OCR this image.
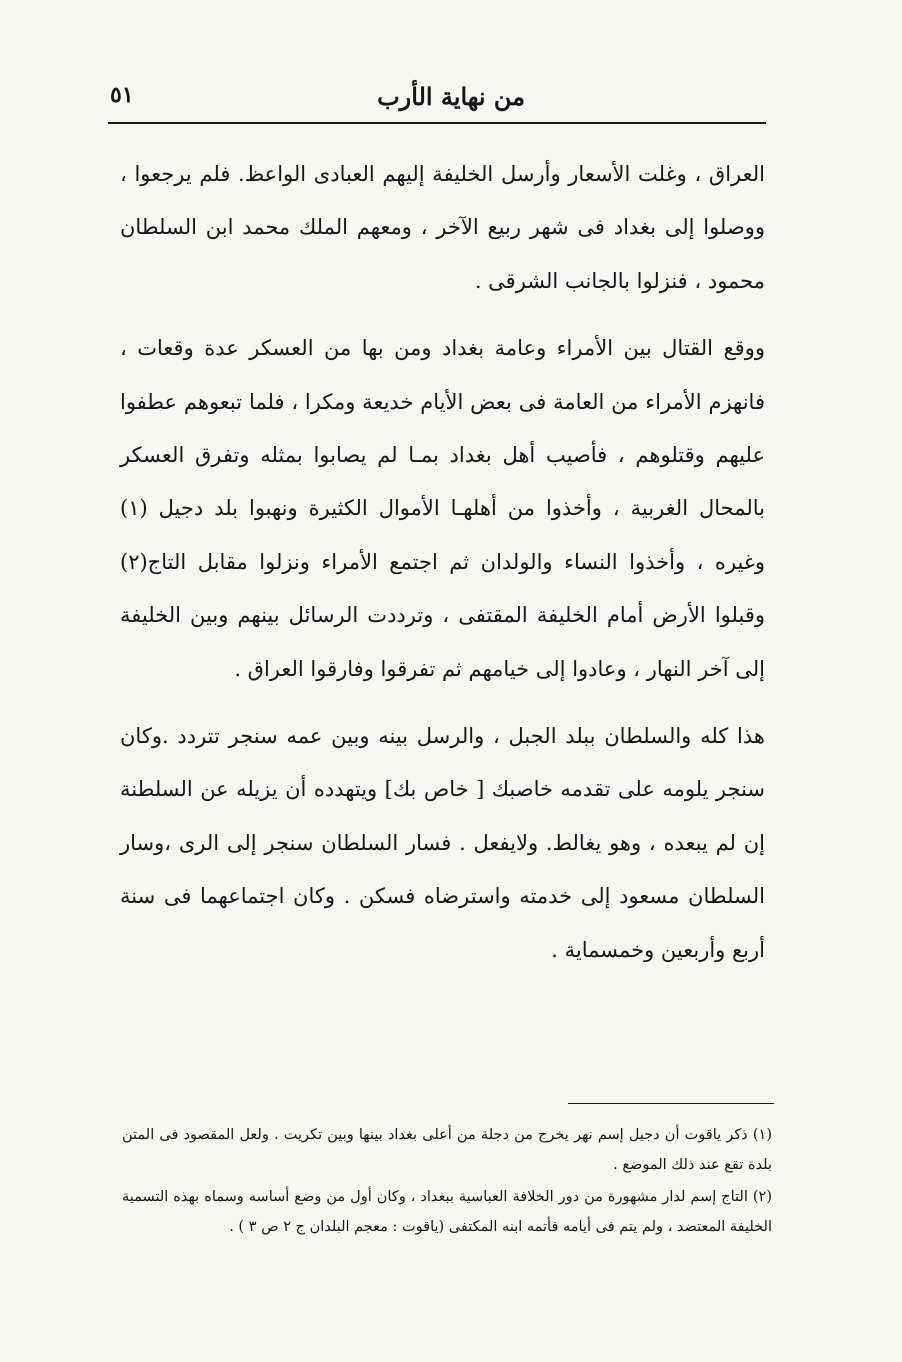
من نهاية الأرب
٥١

العراق ، وغلت الأسعار وأرسل الخليفة إليهم العبادى الواعظ. فلم يرجعوا ، ووصلوا إلى بغداد فى شهر ربيع الآخر ، ومعهم الملك محمد ابن السلطان محمود ، فنزلوا بالجانب الشرقى .

ووقع القتال بين الأمراء وعامة بغداد ومن بها من العسكر عدة وقعات ، فانهزم الأمراء من العامة فى بعض الأيام خديعة ومكرا ، فلما تبعوهم عطفوا عليهم وقتلوهم ، فأصيب أهل بغداد بمـا لم يصابوا بمثله وتفرق العسكر بالمحال الغربية ، وأخذوا من أهلهـا الأموال الكثيرة ونهبوا بلد دجيل (١) وغيره ، وأخذوا النساء والولدان ثم اجتمع الأمراء ونزلوا مقابل التاج(٢) وقبلوا الأرض أمام الخليفة المقتفى ، وترددت الرسائل بينهم وبين الخليفة إلى آخر النهار ، وعادوا إلى خيامهم ثم تفرقوا وفارقوا العراق .

هذا كله والسلطان ببلد الجبل ، والرسل بينه وبين عمه سنجر تتردد .وكان سنجر يلومه على تقدمه خاصبك [ خاص بك] ويتهدده أن يزيله عن السلطنة إن لم يبعده ، وهو يغالط. ولايفعل . فسار السلطان سنجر إلى الرى ،وسار السلطان مسعود إلى خدمته واسترضاه فسكن . وكان اجتماعهما فى سنة أربع وأربعين وخمسماية .

(١) ذكر ياقوت أن دجيل إسم نهر يخرج من دجلة من أعلى بغداد بينها وبين تكريت . ولعل المقصود فى المتن بلدة تقع عند ذلك الموضع .

(٢) التاج إسم لدار مشهورة من دور الخلافة العباسية ببغداد ، وكان أول من وضع أساسه وسماه بهذه التسمية الخليفة المعتضد ، ولم يتم فى أيامه فأتمه ابنه المكتفى (ياقوت : معجم البلدان ج ٢ ص ٣ ) .
